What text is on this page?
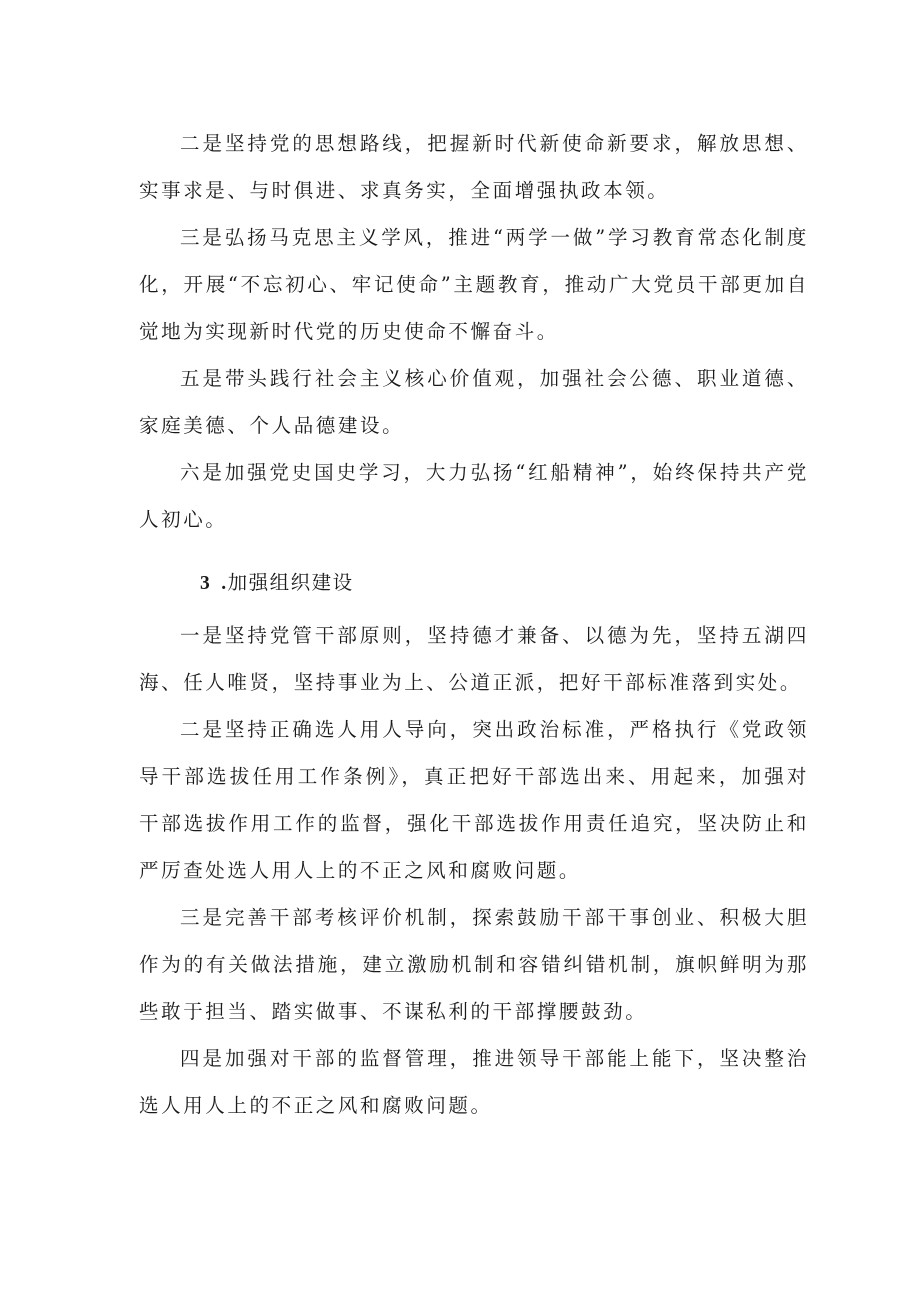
二是坚持党的思想路线，把握新时代新使命新要求，解放思想、实事求是、与时俱进、求真务实，全面增强执政本领。

三是弘扬马克思主义学风，推进“两学一做”学习教育常态化制度化，开展“不忘初心、牢记使命”主题教育，推动广大党员干部更加自觉地为实现新时代党的历史使命不懈奋斗。

五是带头践行社会主义核心价值观，加强社会公德、职业道德、家庭美德、个人品德建设。

六是加强党史国史学习，大力弘扬“红船精神”，始终保持共产党人初心。

3 .加强组织建设

一是坚持党管干部原则，坚持德才兼备、以德为先，坚持五湖四海、任人唯贤，坚持事业为上、公道正派，把好干部标准落到实处。

二是坚持正确选人用人导向，突出政治标准，严格执行《党政领导干部选拔任用工作条例》，真正把好干部选出来、用起来，加强对干部选拔作用工作的监督，强化干部选拔作用责任追究，坚决防止和严厉查处选人用人上的不正之风和腐败问题。

三是完善干部考核评价机制，探索鼓励干部干事创业、积极大胆作为的有关做法措施，建立激励机制和容错纠错机制，旗帜鲜明为那些敢于担当、踏实做事、不谋私利的干部撑腰鼓劲。

四是加强对干部的监督管理，推进领导干部能上能下，坚决整治选人用人上的不正之风和腐败问题。
